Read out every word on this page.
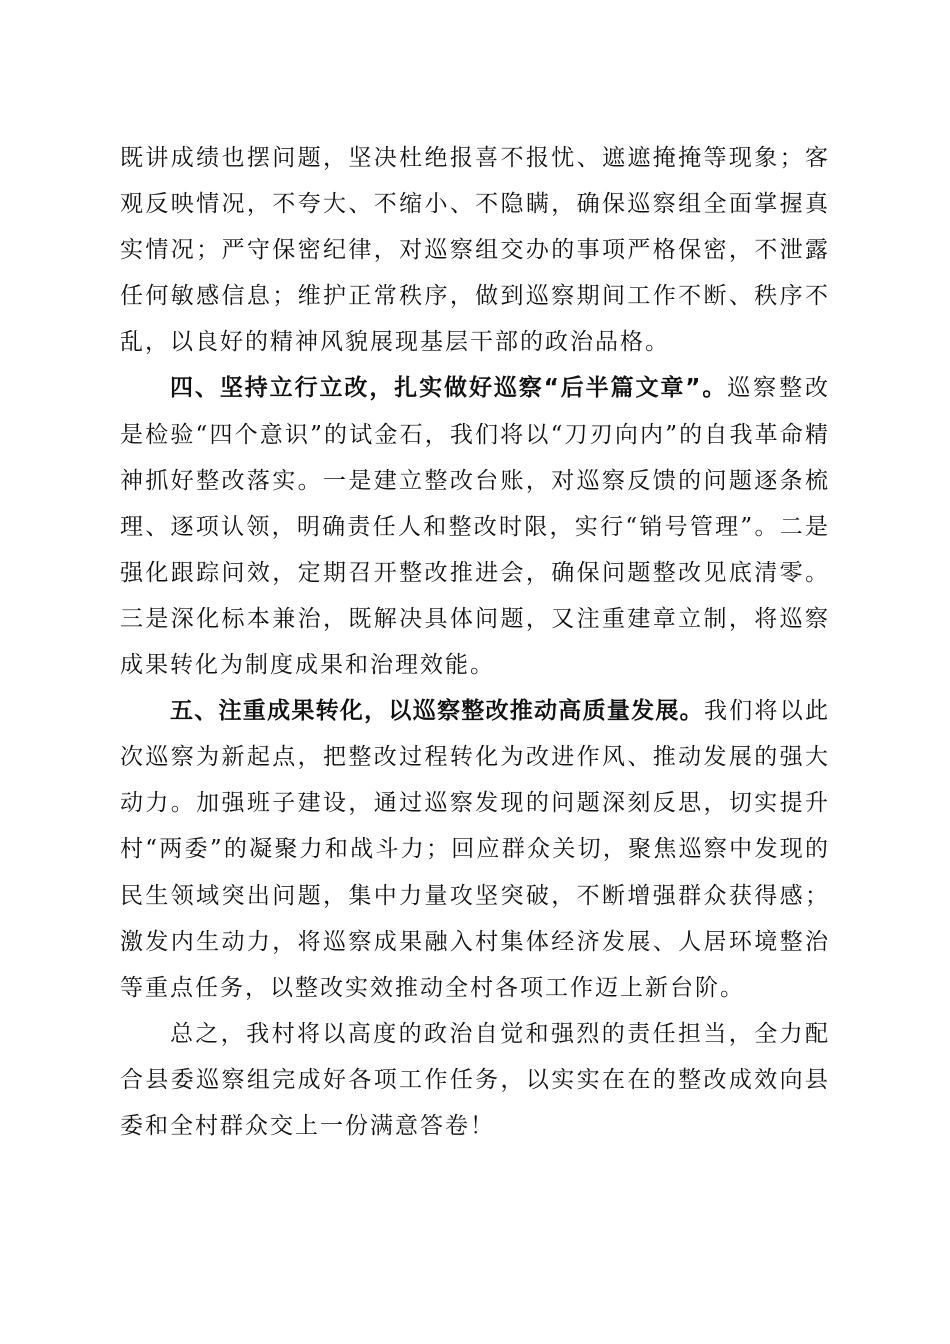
既讲成绩也摆问题，坚决杜绝报喜不报忧、遮遮掩掩等现象；客观反映情况，不夸大、不缩小、不隐瞒，确保巡察组全面掌握真实情况；严守保密纪律，对巡察组交办的事项严格保密，不泄露任何敏感信息；维护正常秩序，做到巡察期间工作不断、秩序不乱，以良好的精神风貌展现基层干部的政治品格。

四、坚持立行立改，扎实做好巡察“后半篇文章”。巡察整改是检验“四个意识”的试金石，我们将以“刀刃向内”的自我革命精神抓好整改落实。一是建立整改台账，对巡察反馈的问题逐条梳理、逐项认领，明确责任人和整改时限，实行“销号管理”。二是强化跟踪问效，定期召开整改推进会，确保问题整改见底清零。三是深化标本兼治，既解决具体问题，又注重建章立制，将巡察成果转化为制度成果和治理效能。

五、注重成果转化，以巡察整改推动高质量发展。我们将以此次巡察为新起点，把整改过程转化为改进作风、推动发展的强大动力。加强班子建设，通过巡察发现的问题深刻反思，切实提升村“两委”的凝聚力和战斗力；回应群众关切，聚焦巡察中发现的民生领域突出问题，集中力量攻坚突破，不断增强群众获得感；激发内生动力，将巡察成果融入村集体经济发展、人居环境整治等重点任务，以整改实效推动全村各项工作迈上新台阶。

总之，我村将以高度的政治自觉和强烈的责任担当，全力配合县委巡察组完成好各项工作任务，以实实在在的整改成效向县委和全村群众交上一份满意答卷！
